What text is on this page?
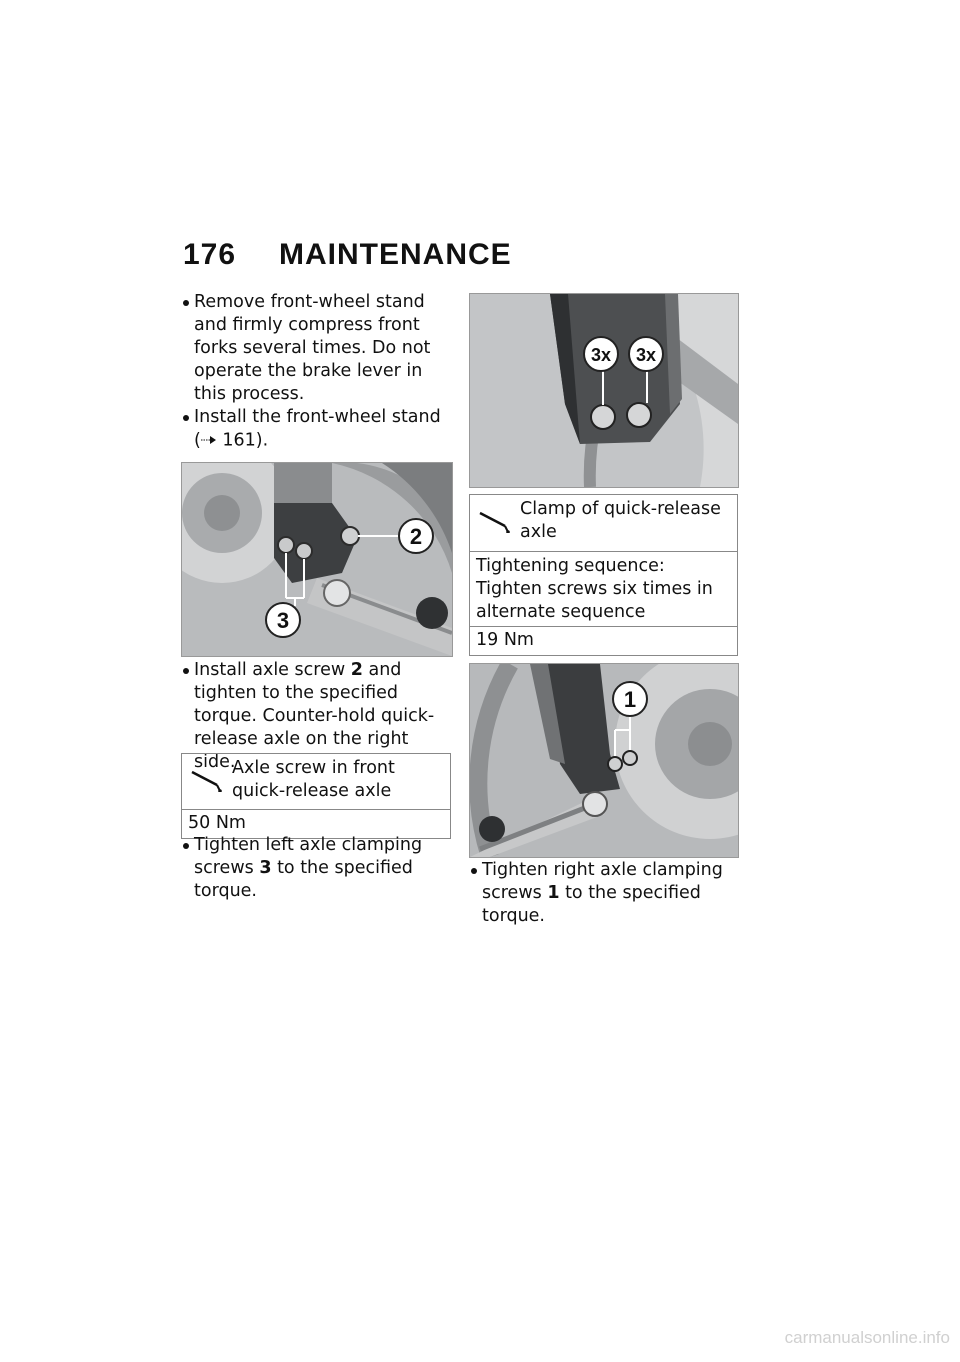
176 MAINTENANCE

Remove front-wheel stand and firmly compress front forks several times. Do not operate the brake lever in this process.

Install the front-wheel stand ( 161).

2
3

Install axle screw 2 and tighten to the specified torque. Counter-hold quick-release axle on the right side.

Axle screw in front quick-release axle
50 Nm

Tighten left axle clamping screws 3 to the specified torque.

3x 3x
Clamp of quick-release axle
Tightening sequence: Tighten screws six times in alternate sequence
19 Nm
1

Tighten right axle clamping screws 1 to the specified torque.

carmanualsonline.info
